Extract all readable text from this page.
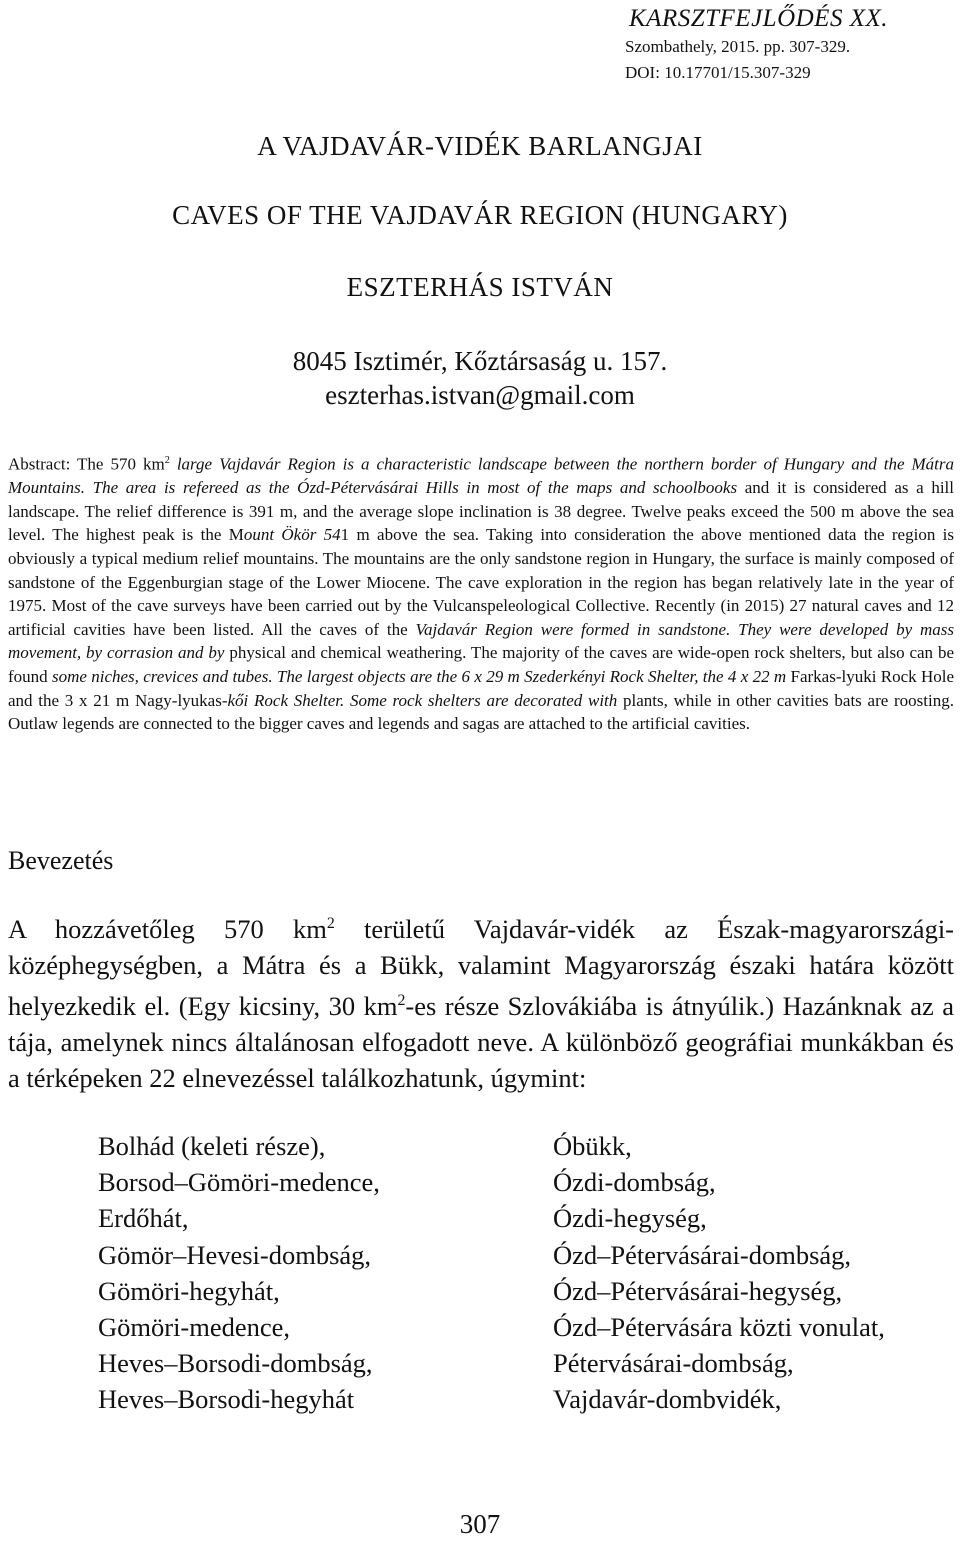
KARSZTFEJLŐDÉS XX.

Szombathely, 2015. pp. 307-329.

DOI: 10.17701/15.307-329

A VAJDAVÁR-VIDÉK BARLANGJAI

CAVES OF THE VAJDAVÁR REGION (HUNGARY)

ESZTERHÁS ISTVÁN

8045 Isztimér, Kőztársaság u. 157.

eszterhas.istvan@gmail.com

Abstract: The 570 $km^2$ large Vajdavár Region is a characteristic landscape between the northern border of Hungary and the Mátra Mountains. The area is refereed as the Ózd-Pétervásárai Hills in most of the maps and schoolbooks and it is considered as a hill landscape. The relief difference is 391 m, and the average slope inclination is 38 degree. Twelve peaks exceed the 500 m above the sea level. The highest peak is the Mount Ökör 541 m above the sea. Taking into consideration the above mentioned data the region is obviously a typical medium relief mountains. The mountains are the only sandstone region in Hungary, the surface is mainly composed of sandstone of the Eggenburgian stage of the Lower Miocene. The cave exploration in the region has began relatively late in the year of 1975. Most of the cave surveys have been carried out by the Vulcanspeleological Collective. Recently (in 2015) 27 natural caves and 12 artificial cavities have been listed. All the caves of the Vajdavár Region were formed in sandstone. They were developed by mass movement, by corrasion and by physical and chemical weathering. The majority of the caves are wide-open rock shelters, but also can be found some niches, crevices and tubes. The largest objects are the 6 x 29 m Szederkényi Rock Shelter, the 4 x 22 m Farkas-lyuki Rock Hole and the 3 x 21 m Nagy-lyukas-kői Rock Shelter. Some rock shelters are decorated with plants, while in other cavities bats are roosting. Outlaw legends are connected to the bigger caves and legends and sagas are attached to the artificial cavities.

Bevezetés

A hozzávetőleg 570 $km^2$ területű Vajdavár-vidék az Észak-magyarországi-középhegységben, a Mátra és a Bükk, valamint Magyarország északi határa között helyezkedik el. (Egy kicsiny, 30 $km^2-es$ része Szlovákiába is átnyúlik.) Hazánknak az a tája, amelynek nincs általánosan elfogadott neve. A különböző geográfiai munkákban és a térképeken 22 elnevezéssel találkozhatunk, úgymint:

Bolhád (keleti része),
Borsod–Gömöri-medence,
Erdőhát,
Gömör–Hevesi-dombság,
Gömöri-hegyhát,
Gömöri-medence,
Heves–Borsodi-dombság,
Heves–Borsodi-hegyhát
Óbükk,
Ózdi-dombság,
Ózdi-hegység,
Ózd–Pétervásárai-dombság,
Ózd–Pétervásárai-hegység,
Ózd–Pétervására közti vonulat,
Pétervásárai-dombság,
Vajdavár-dombvidék,

307
